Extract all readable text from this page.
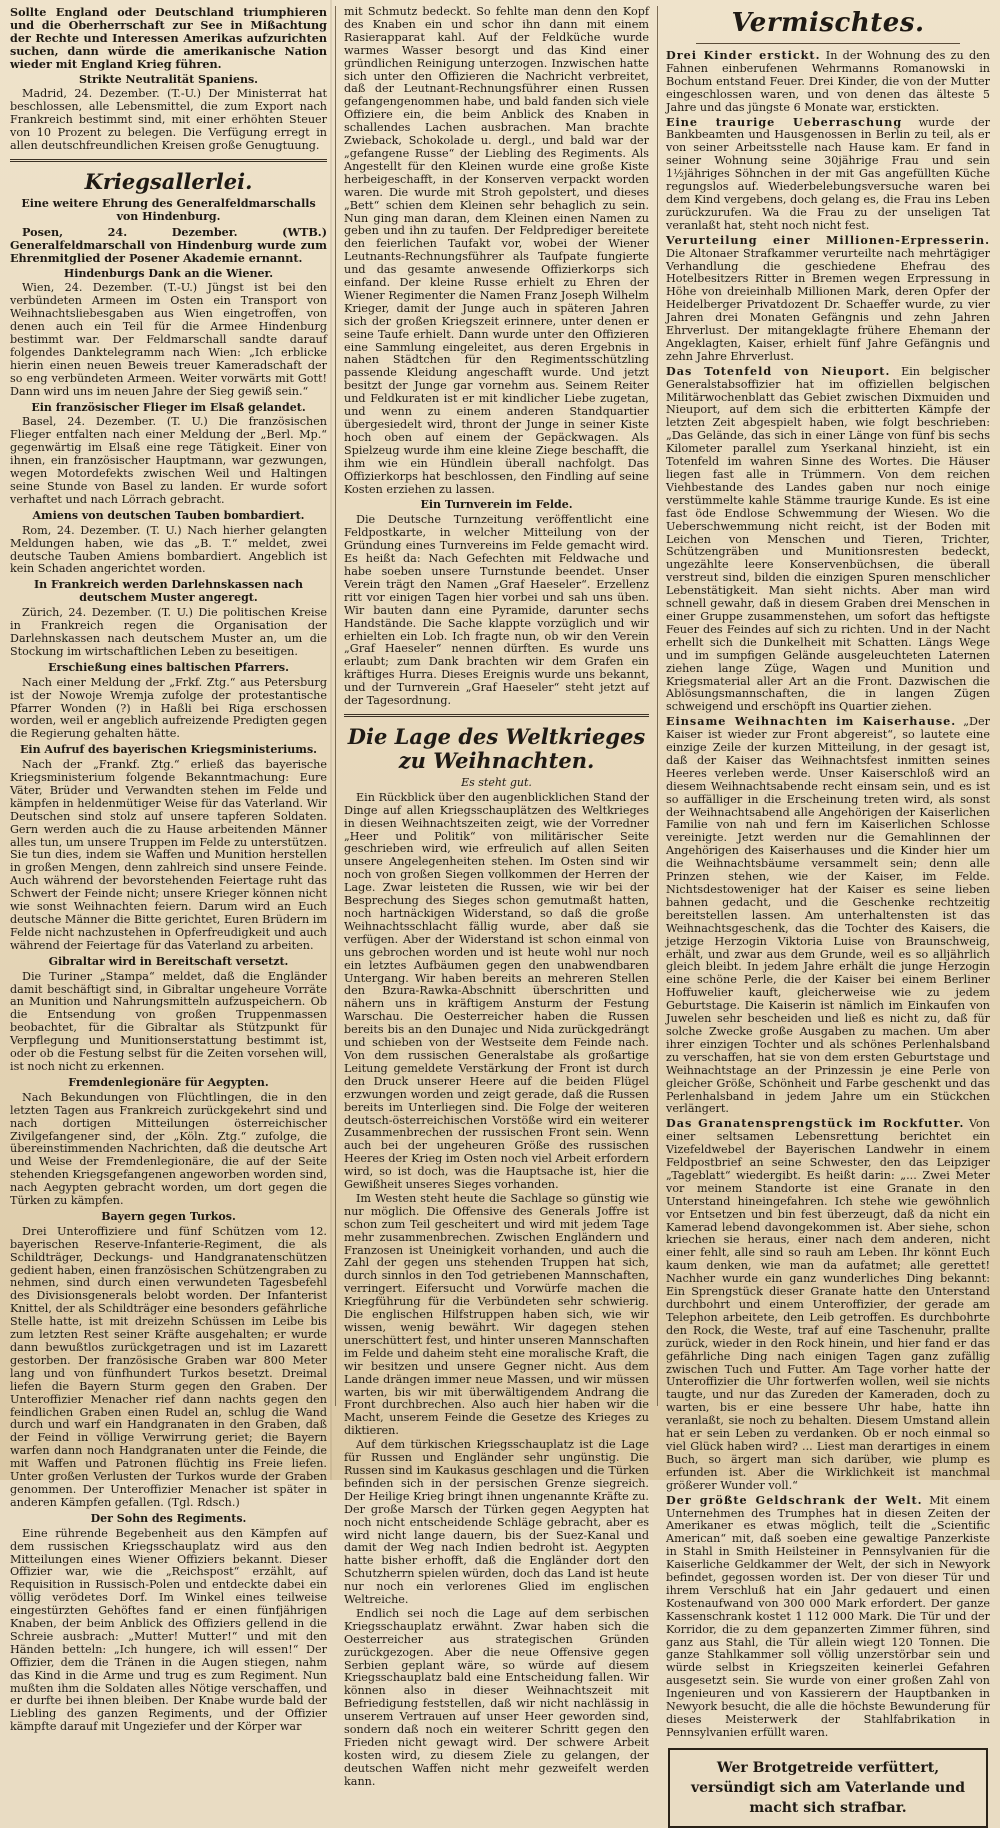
Sollte England oder Deutschland triumphieren und die Oberherrschaft zur See in Mißachtung der Rechte und Interessen Amerikas aufzurichten suchen, dann würde die amerikanische Nation wieder mit England Krieg führen.

Strikte Neutralität Spaniens.

Madrid, 24. Dezember. (T.-U.) Der Ministerrat hat beschlossen, alle Lebensmittel, die zum Export nach Frankreich bestimmt sind, mit einer erhöhten Steuer von 10 Prozent zu belegen. Die Verfügung erregt in allen deutschfreundlichen Kreisen große Genugtuung.

Kriegsallerlei.
Eine weitere Ehrung des Generalfeldmarschalls von Hindenburg.

Posen, 24. Dezember. (WTB.) Generalfeldmarschall von Hindenburg wurde zum Ehrenmitglied der Posener Akademie ernannt.

Hindenburgs Dank an die Wiener.

Wien, 24. Dezember. (T.-U.) Jüngst ist bei den verbündeten Armeen im Osten ein Transport von Weihnachtsliebesgaben aus Wien eingetroffen, von denen auch ein Teil für die Armee Hindenburg bestimmt war. Der Feldmarschall sandte darauf folgendes Danktelegramm nach Wien: „Ich erblicke hierin einen neuen Beweis treuer Kameradschaft der so eng verbündeten Armeen. Weiter vorwärts mit Gott! Dann wird uns im neuen Jahre der Sieg gewiß sein.“

Ein französischer Flieger im Elsaß gelandet.

Basel, 24. Dezember. (T. U.) Die französischen Flieger entfalten nach einer Meldung der „Berl. Mp.“ gegenwärtig im Elsaß eine rege Tätigkeit. Einer von ihnen, ein französischer Hauptmann, war gezwungen, wegen Motordefekts zwischen Weil und Haltingen seine Stunde von Basel zu landen. Er wurde sofort verhaftet und nach Lörrach gebracht.

Amiens von deutschen Tauben bombardiert.

Rom, 24. Dezember. (T. U.) Nach hierher gelangten Meldungen haben, wie das „B. T.“ meldet, zwei deutsche Tauben Amiens bombardiert. Angeblich ist kein Schaden angerichtet worden.

In Frankreich werden Darlehnskassen nach deutschem Muster angeregt.

Zürich, 24. Dezember. (T. U.) Die politischen Kreise in Frankreich regen die Organisation der Darlehnskassen nach deutschem Muster an, um die Stockung im wirtschaftlichen Leben zu beseitigen.

Erschießung eines baltischen Pfarrers.

Nach einer Meldung der „Frkf. Ztg.“ aus Petersburg ist der Nowoje Wremja zufolge der protestantische Pfarrer Wonden (?) in Haßli bei Riga erschossen worden, weil er angeblich aufreizende Predigten gegen die Regierung gehalten hätte.

Ein Aufruf des bayerischen Kriegsministeriums.

Nach der „Frankf. Ztg.“ erließ das bayerische Kriegsministerium folgende Bekanntmachung: Eure Väter, Brüder und Verwandten stehen im Felde und kämpfen in heldenmütiger Weise für das Vaterland. Wir Deutschen sind stolz auf unsere tapferen Soldaten. Gern werden auch die zu Hause arbeitenden Männer alles tun, um unsere Truppen im Felde zu unterstützen. Sie tun dies, indem sie Waffen und Munition herstellen in großen Mengen, denn zahlreich sind unsere Feinde. Auch während der bevorstehenden Feiertage ruht das Schwert der Feinde nicht; unsere Krieger können nicht wie sonst Weihnachten feiern. Darum wird an Euch deutsche Männer die Bitte gerichtet, Euren Brüdern im Felde nicht nachzustehen in Opferfreudigkeit und auch während der Feiertage für das Vaterland zu arbeiten.

Gibraltar wird in Bereitschaft versetzt.

Die Turiner „Stampa“ meldet, daß die Engländer damit beschäftigt sind, in Gibraltar ungeheure Vorräte an Munition und Nahrungsmitteln aufzuspeichern. Ob die Entsendung von großen Truppenmassen beobachtet, für die Gibraltar als Stützpunkt für Verpflegung und Munitionserstattung bestimmt ist, oder ob die Festung selbst für die Zeiten vorsehen will, ist noch nicht zu erkennen.

Fremdenlegionäre für Aegypten.

Nach Bekundungen von Flüchtlingen, die in den letzten Tagen aus Frankreich zurückgekehrt sind und nach dortigen Mitteilungen österreichischer Zivilgefangener sind, der „Köln. Ztg.“ zufolge, die übereinstimmenden Nachrichten, daß die deutsche Art und Weise der Fremdenlegionäre, die auf der Seite stehenden Kriegsgefangenen angeworben worden sind, nach Aegypten gebracht worden, um dort gegen die Türken zu kämpfen.

Bayern gegen Turkos.

Drei Unteroffiziere und fünf Schützen vom 12. bayerischen Reserve-Infanterie-Regiment, die als Schildträger, Deckungs- und Handgranatenschützen gedient haben, einen französischen Schützengraben zu nehmen, sind durch einen verwundeten Tagesbefehl des Divisionsgenerals belobt worden. Der Infanterist Knittel, der als Schildträger eine besonders gefährliche Stelle hatte, ist mit dreizehn Schüssen im Leibe bis zum letzten Rest seiner Kräfte ausgehalten; er wurde dann bewußtlos zurückgetragen und ist im Lazarett gestorben. Der französische Graben war 800 Meter lang und von fünfhundert Turkos besetzt. Dreimal liefen die Bayern Sturm gegen den Graben. Der Unteroffizier Menacher rief dann nachts gegen den feindlichen Graben einen Rudel an, schlug die Wand durch und warf ein Handgranaten in den Graben, daß der Feind in völlige Verwirrung geriet; die Bayern warfen dann noch Handgranaten unter die Feinde, die mit Waffen und Patronen flüchtig ins Freie liefen. Unter großen Verlusten der Turkos wurde der Graben genommen. Der Unteroffizier Menacher ist später in anderen Kämpfen gefallen. (Tgl. Rdsch.)

Der Sohn des Regiments.

Eine rührende Begebenheit aus den Kämpfen auf dem russischen Kriegsschauplatz wird aus den Mitteilungen eines Wiener Offiziers bekannt. Dieser Offizier war, wie die „Reichspost“ erzählt, auf Requisition in Russisch-Polen und entdeckte dabei ein völlig verödetes Dorf. Im Winkel eines teilweise eingestürzten Gehöftes fand er einen fünfjährigen Knaben, der beim Anblick des Offiziers gellend in die Schreie ausbrach: „Mutter! Mutter!“ und mit den Händen betteln: „Ich hungere, ich will essen!“ Der Offizier, dem die Tränen in die Augen stiegen, nahm das Kind in die Arme und trug es zum Regiment. Nun mußten ihm die Soldaten alles Nötige verschaffen, und er durfte bei ihnen bleiben. Der Knabe wurde bald der Liebling des ganzen Regiments, und der Offizier kämpfte darauf mit Ungeziefer und der Körper war

mit Schmutz bedeckt. So fehlte man denn den Kopf des Knaben ein und schor ihn dann mit einem Rasierapparat kahl. Auf der Feldküche wurde warmes Wasser besorgt und das Kind einer gründlichen Reinigung unterzogen. Inzwischen hatte sich unter den Offizieren die Nachricht verbreitet, daß der Leutnant-Rechnungsführer einen Russen gefangengenommen habe, und bald fanden sich viele Offiziere ein, die beim Anblick des Knaben in schallendes Lachen ausbrachen. Man brachte Zwieback, Schokolade u. dergl., und bald war der „gefangene Russe“ der Liebling des Regiments. Als Angestellt für den Kleinen wurde eine große Kiste herbeigeschafft, in der Konserven verpackt worden waren. Die wurde mit Stroh gepolstert, und dieses „Bett“ schien dem Kleinen sehr behaglich zu sein. Nun ging man daran, dem Kleinen einen Namen zu geben und ihn zu taufen. Der Feldprediger bereitete den feierlichen Taufakt vor, wobei der Wiener Leutnants-Rechnungsführer als Taufpate fungierte und das gesamte anwesende Offizierkorps sich einfand. Der kleine Russe erhielt zu Ehren der Wiener Regimenter die Namen Franz Joseph Wilhelm Krieger, damit der Junge auch in späteren Jahren sich der großen Kriegszeit erinnere, unter denen er seine Taufe erhielt. Dann wurde unter den Offizieren eine Sammlung eingeleitet, aus deren Ergebnis in nahen Städtchen für den Regimentsschützling passende Kleidung angeschafft wurde. Und jetzt besitzt der Junge gar vornehm aus. Seinem Reiter und Feldkuraten ist er mit kindlicher Liebe zugetan, und wenn zu einem anderen Standquartier übergesiedelt wird, thront der Junge in seiner Kiste hoch oben auf einem der Gepäckwagen. Als Spielzeug wurde ihm eine kleine Ziege beschafft, die ihm wie ein Hündlein überall nachfolgt. Das Offizierkorps hat beschlossen, den Findling auf seine Kosten erziehen zu lassen.

Ein Turnverein im Felde.

Die Deutsche Turnzeitung veröffentlicht eine Feldpostkarte, in welcher Mitteilung von der Gründung eines Turnvereins im Felde gemacht wird. Es heißt da: Nach Gefechten mit Feldwache und habe soeben unsere Turnstunde beendet. Unser Verein trägt den Namen „Graf Haeseler“. Erzellenz ritt vor einigen Tagen hier vorbei und sah uns üben. Wir bauten dann eine Pyramide, darunter sechs Handstände. Die Sache klappte vorzüglich und wir erhielten ein Lob. Ich fragte nun, ob wir den Verein „Graf Haeseler“ nennen dürften. Es wurde uns erlaubt; zum Dank brachten wir dem Grafen ein kräftiges Hurra. Dieses Ereignis wurde uns bekannt, und der Turnverein „Graf Haeseler“ steht jetzt auf der Tagesordnung.

Die Lage des Weltkrieges zu Weihnachten.
Es steht gut.

Ein Rückblick über den augenblicklichen Stand der Dinge auf allen Kriegsschauplätzen des Weltkrieges in diesen Weihnachtszeiten zeigt, wie der Vorredner „Heer und Politik“ von militärischer Seite geschrieben wird, wie erfreulich auf allen Seiten unsere Angelegenheiten stehen. Im Osten sind wir noch von großen Siegen vollkommen der Herren der Lage. Zwar leisteten die Russen, wie wir bei der Besprechung des Sieges schon gemutmaßt hatten, noch hartnäckigen Widerstand, so daß die große Weihnachtsschlacht fällig wurde, aber daß sie verfügen. Aber der Widerstand ist schon einmal von uns gebrochen worden und ist heute wohl nur noch ein letztes Aufbäumen gegen den unabwendbaren Untergang. Wir haben bereits an mehreren Stellen den Bzura-Rawka-Abschnitt überschritten und nähern uns in kräftigem Ansturm der Festung Warschau. Die Oesterreicher haben die Russen bereits bis an den Dunajec und Nida zurückgedrängt und schieben von der Westseite dem Feinde nach. Von dem russischen Generalstabe als großartige Leitung gemeldete Verstärkung der Front ist durch den Druck unserer Heere auf die beiden Flügel erzwungen worden und zeigt gerade, daß die Russen bereits im Unterliegen sind. Die Folge der weiteren deutsch-österreichischen Vorstöße wird ein weiterer Zusammenbrechen der russischen Front sein. Wenn auch bei der ungeheuren Größe des russischen Heeres der Krieg im Osten noch viel Arbeit erfordern wird, so ist doch, was die Hauptsache ist, hier die Gewißheit unseres Sieges vorhanden.

Im Westen steht heute die Sachlage so günstig wie nur möglich. Die Offensive des Generals Joffre ist schon zum Teil gescheitert und wird mit jedem Tage mehr zusammenbrechen. Zwischen Engländern und Franzosen ist Uneinigkeit vorhanden, und auch die Zahl der gegen uns stehenden Truppen hat sich, durch sinnlos in den Tod getriebenen Mannschaften, verringert. Eifersucht und Vorwürfe machen die Kriegführung für die Verbündeten sehr schwierig. Die englischen Hilfstruppen haben sich, wie wir wissen, wenig bewährt. Wir dagegen stehen unerschüttert fest, und hinter unseren Mannschaften im Felde und daheim steht eine moralische Kraft, die wir besitzen und unsere Gegner nicht. Aus dem Lande drängen immer neue Massen, und wir müssen warten, bis wir mit überwältigendem Andrang die Front durchbrechen. Also auch hier haben wir die Macht, unserem Feinde die Gesetze des Krieges zu diktieren.

Auf dem türkischen Kriegsschauplatz ist die Lage für Russen und Engländer sehr ungünstig. Die Russen sind im Kaukasus geschlagen und die Türken befinden sich in der persischen Grenze siegreich. Der Heilige Krieg bringt ihnen ungenannte Kräfte zu. Der große Marsch der Türken gegen Aegypten hat noch nicht entscheidende Schläge gebracht, aber es wird nicht lange dauern, bis der Suez-Kanal und damit der Weg nach Indien bedroht ist. Aegypten hatte bisher erhofft, daß die Engländer dort den Schutzherrn spielen würden, doch das Land ist heute nur noch ein verlorenes Glied im englischen Weltreiche.

Endlich sei noch die Lage auf dem serbischen Kriegsschauplatz erwähnt. Zwar haben sich die Oesterreicher aus strategischen Gründen zurückgezogen. Aber die neue Offensive gegen Serbien geplant wäre, so würde auf diesem Kriegsschauplatz bald eine Entscheidung fallen. Wir können also in dieser Weihnachtszeit mit Befriedigung feststellen, daß wir nicht nachlässig in unserem Vertrauen auf unser Heer geworden sind, sondern daß noch ein weiterer Schritt gegen den Frieden nicht gewagt wird. Der schwere Arbeit kosten wird, zu diesem Ziele zu gelangen, der deutschen Waffen nicht mehr gezweifelt werden kann.

Vermischtes.

Drei Kinder erstickt. In der Wohnung des zu den Fahnen einberufenen Wehrmanns Romanowski in Bochum entstand Feuer. Drei Kinder, die von der Mutter eingeschlossen waren, und von denen das älteste 5 Jahre und das jüngste 6 Monate war, erstickten.

Eine traurige Ueberraschung wurde der Bankbeamten und Hausgenossen in Berlin zu teil, als er von seiner Arbeitsstelle nach Hause kam. Er fand in seiner Wohnung seine 30jährige Frau und sein 1½jähriges Söhnchen in der mit Gas angefüllten Küche regungslos auf. Wiederbelebungsversuche waren bei dem Kind vergebens, doch gelang es, die Frau ins Leben zurückzurufen. Wa die Frau zu der unseligen Tat veranlaßt hat, steht noch nicht fest.

Verurteilung einer Millionen-Erpresserin. Die Altonaer Strafkammer verurteilte nach mehrtägiger Verhandlung die geschiedene Ehefrau des Hotelbesitzers Ritter in Bremen wegen Erpressung in Höhe von dreieinhalb Millionen Mark, deren Opfer der Heidelberger Privatdozent Dr. Schaeffer wurde, zu vier Jahren drei Monaten Gefängnis und zehn Jahren Ehrverlust. Der mitangeklagte frühere Ehemann der Angeklagten, Kaiser, erhielt fünf Jahre Gefängnis und zehn Jahre Ehrverlust.

Das Totenfeld von Nieuport. Ein belgischer Generalstabsoffizier hat im offiziellen belgischen Militärwochenblatt das Gebiet zwischen Dixmuiden und Nieuport, auf dem sich die erbitterten Kämpfe der letzten Zeit abgespielt haben, wie folgt beschrieben: „Das Gelände, das sich in einer Länge von fünf bis sechs Kilometer parallel zum Yserkanal hinzieht, ist ein Totenfeld im wahren Sinne des Wortes. Die Häuser liegen fast alle in Trümmern. Von dem reichen Viehbestande des Landes gaben nur noch einige verstümmelte kahle Stämme traurige Kunde. Es ist eine fast öde Endlose Schwemmung der Wiesen. Wo die Ueberschwemmung nicht reicht, ist der Boden mit Leichen von Menschen und Tieren, Trichter, Schützengräben und Munitionsresten bedeckt, ungezählte leere Konservenbüchsen, die überall verstreut sind, bilden die einzigen Spuren menschlicher Lebenstätigkeit. Man sieht nichts. Aber man wird schnell gewahr, daß in diesem Graben drei Menschen in einer Gruppe zusammenstehen, um sofort das heftigste Feuer des Feindes auf sich zu richten. Und in der Nacht erhellt sich die Dunkelheit mit Schatten. Längs Wege und im sumpfigen Gelände ausgeleuchteten Laternen ziehen lange Züge, Wagen und Munition und Kriegsmaterial aller Art an die Front. Dazwischen die Ablösungsmannschaften, die in langen Zügen schweigend und erschöpft ins Quartier ziehen.

Einsame Weihnachten im Kaiserhause. „Der Kaiser ist wieder zur Front abgereist“, so lautete eine einzige Zeile der kurzen Mitteilung, in der gesagt ist, daß der Kaiser das Weihnachtsfest inmitten seines Heeres verleben werde. Unser Kaiserschloß wird an diesem Weihnachtsabende recht einsam sein, und es ist so auffälliger in die Erscheinung treten wird, als sonst der Weihnachtsabend alle Angehörigen der Kaiserlichen Familie von nah und fern im Kaiserlichen Schlosse vereinigte. Jetzt werden nur die Gemahlinnen der Angehörigen des Kaiserhauses und die Kinder hier um die Weihnachtsbäume versammelt sein; denn alle Prinzen stehen, wie der Kaiser, im Felde. Nichtsdestoweniger hat der Kaiser es seine lieben bahnen gedacht, und die Geschenke rechtzeitig bereitstellen lassen. Am unterhaltensten ist das Weihnachtsgeschenk, das die Tochter des Kaisers, die jetzige Herzogin Viktoria Luise von Braunschweig, erhält, und zwar aus dem Grunde, weil es so alljährlich gleich bleibt. In jedem Jahre erhält die junge Herzogin eine schöne Perle, die der Kaiser bei einem Berliner Hoffuwelier kauft, gleicherweise wie zu jedem Geburtstage. Die Kaiserin ist nämlich im Einkaufen von Juwelen sehr bescheiden und ließ es nicht zu, daß für solche Zwecke große Ausgaben zu machen. Um aber ihrer einzigen Tochter und als schönes Perlenhalsband zu verschaffen, hat sie von dem ersten Geburtstage und Weihnachtstage an der Prinzessin je eine Perle von gleicher Größe, Schönheit und Farbe geschenkt und das Perlenhalsband in jedem Jahre um ein Stückchen verlängert.

Das Granatensprengstück im Rockfutter. Von einer seltsamen Lebensrettung berichtet ein Vizefeldwebel der Bayerischen Landwehr in einem Feldpostbrief an seine Schwester, den das Leipziger „Tageblatt“ wiedergibt. Es heißt darin: „... Zwei Meter vor meinem Standorte ist eine Granate in den Unterstand hineingefahren. Ich stehe wie gewöhnlich vor Entsetzen und bin fest überzeugt, daß da nicht ein Kamerad lebend davongekommen ist. Aber siehe, schon kriechen sie heraus, einer nach dem anderen, nicht einer fehlt, alle sind so rauh am Leben. Ihr könnt Euch kaum denken, wie man da aufatmet; alle gerettet! Nachher wurde ein ganz wunderliches Ding bekannt: Ein Sprengstück dieser Granate hatte den Unterstand durchbohrt und einem Unteroffizier, der gerade am Telephon arbeitete, den Leib getroffen. Es durchbohrte den Rock, die Weste, traf auf eine Taschenuhr, prallte zurück, wieder in den Rock hinein, und hier fand er das gefährliche Ding nach einigen Tagen ganz zufällig zwischen Tuch und Futter. Am Tage vorher hatte der Unteroffizier die Uhr fortwerfen wollen, weil sie nichts taugte, und nur das Zureden der Kameraden, doch zu warten, bis er eine bessere Uhr habe, hatte ihn veranlaßt, sie noch zu behalten. Diesem Umstand allein hat er sein Leben zu verdanken. Ob er noch einmal so viel Glück haben wird? ... Liest man derartiges in einem Buch, so ärgert man sich darüber, wie plump es erfunden ist. Aber die Wirklichkeit ist manchmal größerer Wunder voll.“

Der größte Geldschrank der Welt. Mit einem Unternehmen des Trumphes hat in diesen Zeiten der Amerikaner es etwas möglich, teilt die „Scientific American“ mit, daß soeben eine gewaltige Panzerkiste in Stahl in Smith Heilsteiner in Pennsylvanien für die Kaiserliche Geldkammer der Welt, der sich in Newyork befindet, gegossen worden ist. Der von dieser Tür und ihrem Verschluß hat ein Jahr gedauert und einen Kostenaufwand von 300 000 Mark erfordert. Der ganze Kassenschrank kostet 1 112 000 Mark. Die Tür und der Korridor, die zu dem gepanzerten Zimmer führen, sind ganz aus Stahl, die Tür allein wiegt 120 Tonnen. Die ganze Stahlkammer soll völlig unzerstörbar sein und würde selbst in Kriegszeiten keinerlei Gefahren ausgesetzt sein. Sie wurde von einer großen Zahl von Ingenieuren und von Kassierern der Hauptbanken in Newyork besucht, die alle die höchste Bewunderung für dieses Meisterwerk der Stahlfabrikation in Pennsylvanien erfüllt waren.

Wer Brotgetreide verfüttert, versündigt sich am Vaterlande und macht sich strafbar.
